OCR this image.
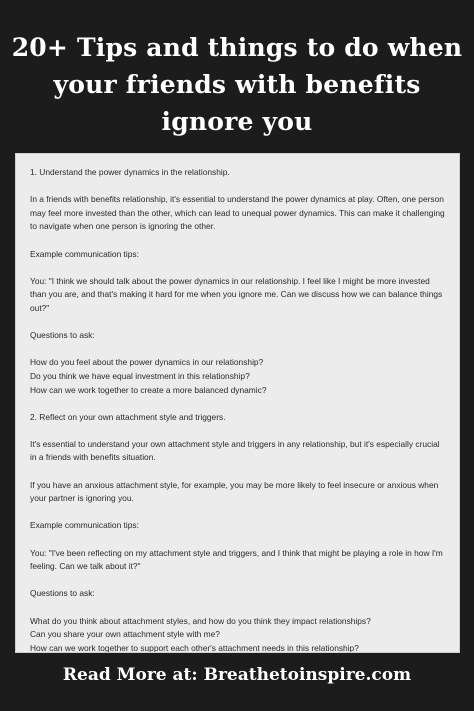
20+ Tips and things to do when
your friends with benefits
ignore you

1. Understand the power dynamics in the relationship.

In a friends with benefits relationship, it's essential to understand the power dynamics at play. Often, one person may feel more invested than the other, which can lead to unequal power dynamics. This can make it challenging to navigate when one person is ignoring the other.

Example communication tips:

You: "I think we should talk about the power dynamics in our relationship. I feel like I might be more invested than you are, and that's making it hard for me when you ignore me. Can we discuss how we can balance things out?"

Questions to ask:

How do you feel about the power dynamics in our relationship?

Do you think we have equal investment in this relationship?

How can we work together to create a more balanced dynamic?

2. Reflect on your own attachment style and triggers.

It's essential to understand your own attachment style and triggers in any relationship, but it's especially crucial in a friends with benefits situation.

If you have an anxious attachment style, for example, you may be more likely to feel insecure or anxious when your partner is ignoring you.

Example communication tips:

You: "I've been reflecting on my attachment style and triggers, and I think that might be playing a role in how I'm feeling. Can we talk about it?"

Questions to ask:

What do you think about attachment styles, and how do you think they impact relationships?

Can you share your own attachment style with me?

How can we work together to support each other's attachment needs in this relationship?

Read More at: Breathetoinspire.com
